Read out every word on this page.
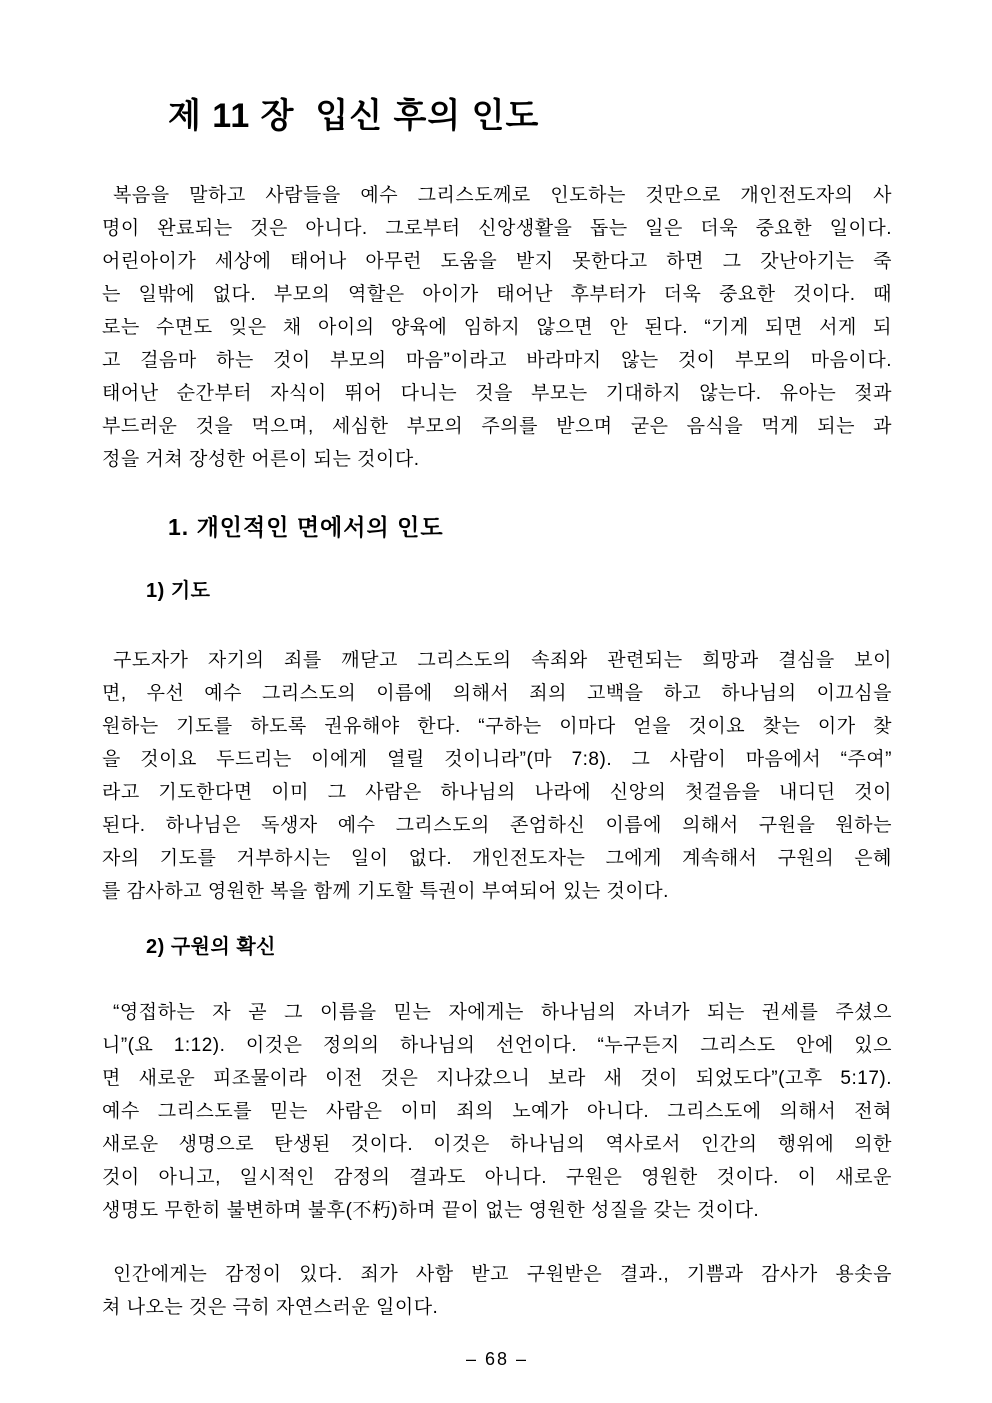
제 11 장  입신 후의 인도
복음을 말하고 사람들을 예수 그리스도께로 인도하는 것만으로 개인전도자의 사
명이 완료되는 것은 아니다. 그로부터 신앙생활을 돕는 일은 더욱 중요한 일이다.
어린아이가 세상에 태어나 아무런 도움을 받지 못한다고 하면 그 갓난아기는 죽
는 일밖에 없다. 부모의 역할은 아이가 태어난 후부터가 더욱 중요한 것이다. 때
로는 수면도 잊은 채 아이의 양육에 임하지 않으면 안 된다. “기게 되면 서게 되
고 걸음마 하는 것이 부모의 마음”이라고 바라마지 않는 것이 부모의 마음이다.
태어난 순간부터 자식이 뛰어 다니는 것을 부모는 기대하지 않는다. 유아는 젖과
부드러운 것을 먹으며, 세심한 부모의 주의를 받으며 굳은 음식을 먹게 되는 과
정을 거쳐 장성한 어른이 되는 것이다.
1. 개인적인 면에서의 인도
1) 기도
구도자가 자기의 죄를 깨닫고 그리스도의 속죄와 관련되는 희망과 결심을 보이
면, 우선 예수 그리스도의 이름에 의해서 죄의 고백을 하고 하나님의 이끄심을
원하는 기도를 하도록 권유해야 한다. “구하는 이마다 얻을 것이요 찾는 이가 찾
을 것이요 두드리는 이에게 열릴 것이니라”(마 7:8). 그 사람이 마음에서 “주여”
라고 기도한다면 이미 그 사람은 하나님의 나라에 신앙의 첫걸음을 내디딘 것이
된다. 하나님은 독생자 예수 그리스도의 존엄하신 이름에 의해서 구원을 원하는
자의 기도를 거부하시는 일이 없다. 개인전도자는 그에게 계속해서 구원의 은혜
를 감사하고 영원한 복을 함께 기도할 특권이 부여되어 있는 것이다.
2) 구원의 확신
“영접하는 자 곧 그 이름을 믿는 자에게는 하나님의 자녀가 되는 권세를 주셨으
니”(요 1:12). 이것은 정의의 하나님의 선언이다. “누구든지 그리스도 안에 있으
면 새로운 피조물이라 이전 것은 지나갔으니 보라 새 것이 되었도다”(고후 5:17).
예수 그리스도를 믿는 사람은 이미 죄의 노예가 아니다. 그리스도에 의해서 전혀
새로운 생명으로 탄생된 것이다. 이것은 하나님의 역사로서 인간의 행위에 의한
것이 아니고, 일시적인 감정의 결과도 아니다. 구원은 영원한 것이다. 이 새로운
생명도 무한히 불변하며 불후(不朽)하며 끝이 없는 영원한 성질을 갖는 것이다.
인간에게는 감정이 있다. 죄가 사함 받고 구원받은 결과., 기쁨과 감사가 용솟음
쳐 나오는 것은 극히 자연스러운 일이다.
– 68 –
